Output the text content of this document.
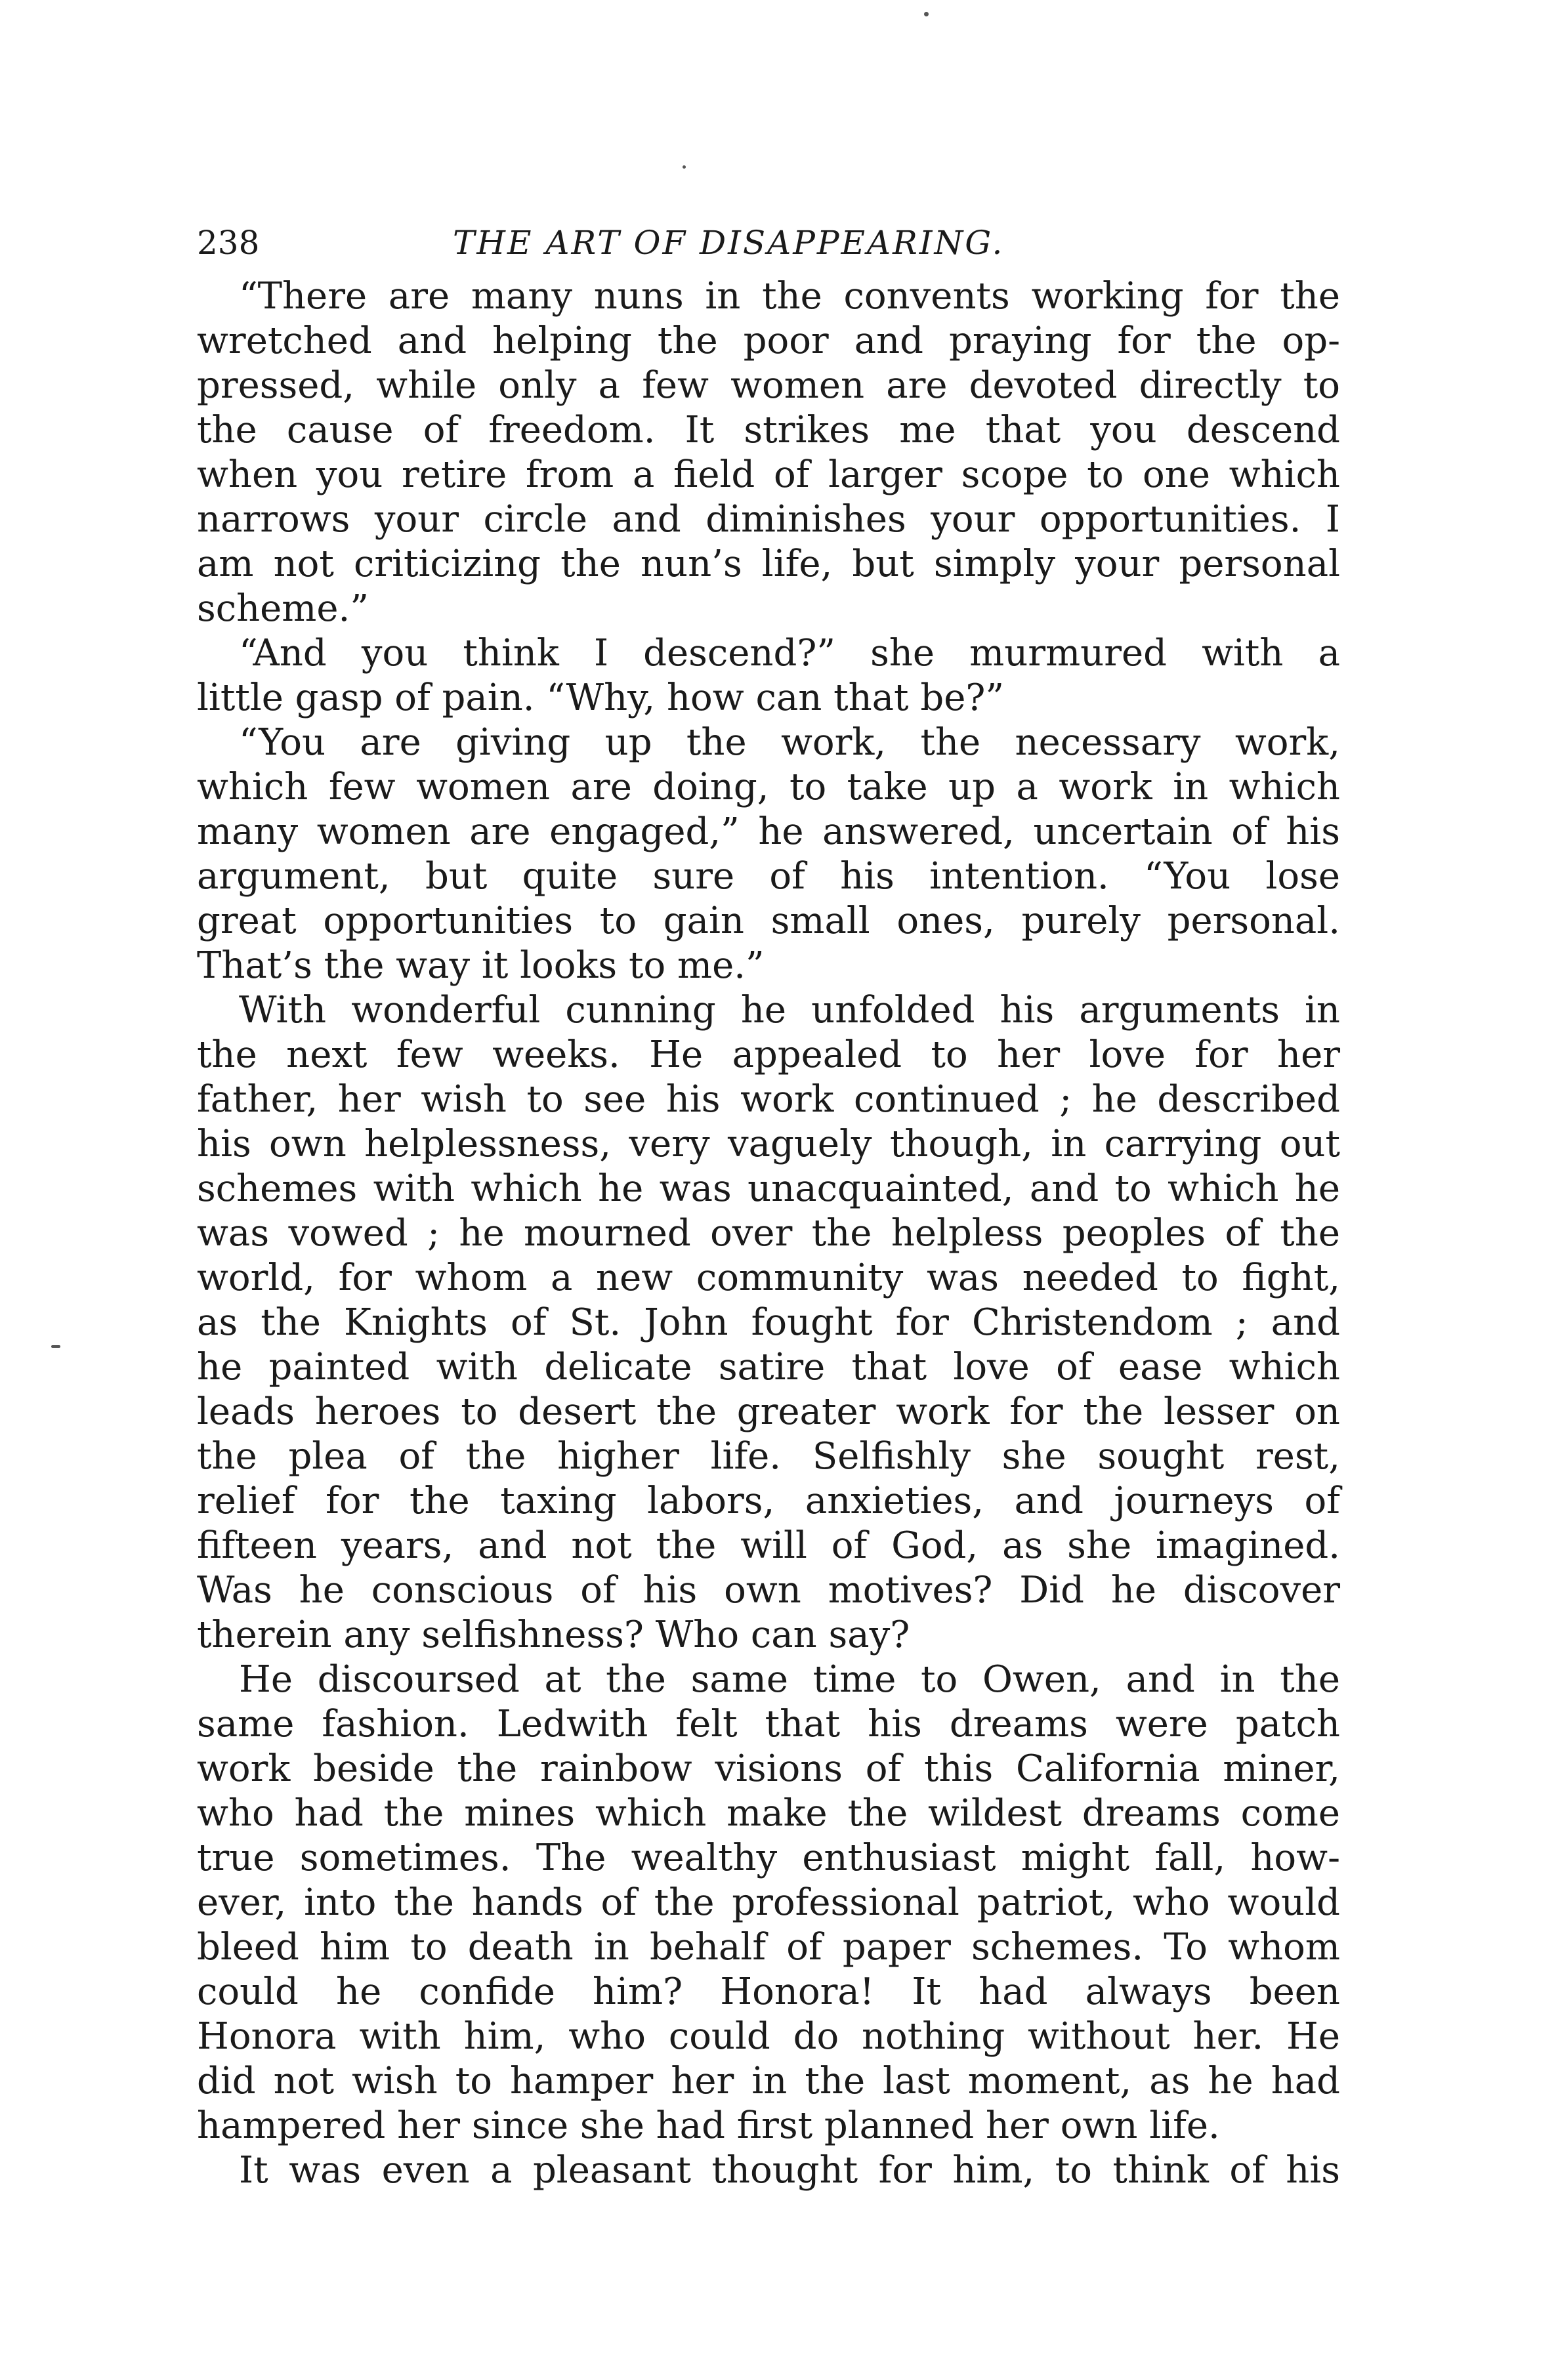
238	THE ART OF DISAPPEARING.
“There are many nuns in the convents working for the
wretched and helping the poor and praying for the op-
pressed, while only a few women are devoted directly to
the cause of freedom. It strikes me that you descend
when you retire from a field of larger scope to one which
narrows your circle and diminishes your opportunities. I
am not criticizing the nun’s life, but simply your personal
scheme.”
“And you think I descend?” she murmured with a
little gasp of pain. “Why, how can that be?”
“You are giving up the work, the necessary work,
which few women are doing, to take up a work in which
many women are engaged,” he answered, uncertain of his
argument, but quite sure of his intention. “You lose
great opportunities to gain small ones, purely personal.
That’s the way it looks to me.”
With wonderful cunning he unfolded his arguments in
the next few weeks. He appealed to her love for her
father, her wish to see his work continued ; he described
his own helplessness, very vaguely though, in carrying out
schemes with which he was unacquainted, and to which he
was vowed ; he mourned over the helpless peoples of the
world, for whom a new community was needed to fight,
as the Knights of St. John fought for Christendom ; and
he painted with delicate satire that love of ease which
leads heroes to desert the greater work for the lesser on
the plea of the higher life. Selfishly she sought rest,
relief for the taxing labors, anxieties, and journeys of
fifteen years, and not the will of God, as she imagined.
Was he conscious of his own motives? Did he discover
therein any selfishness? Who can say?
He discoursed at the same time to Owen, and in the
same fashion. Ledwith felt that his dreams were patch
work beside the rainbow visions of this California miner,
who had the mines which make the wildest dreams come
true sometimes. The wealthy enthusiast might fall, how-
ever, into the hands of the professional patriot, who would
bleed him to death in behalf of paper schemes. To whom
could he confide him? Honora! It had always been
Honora with him, who could do nothing without her. He
did not wish to hamper her in the last moment, as he had
hampered her since she had first planned her own life.
It was even a pleasant thought for him, to think of his
